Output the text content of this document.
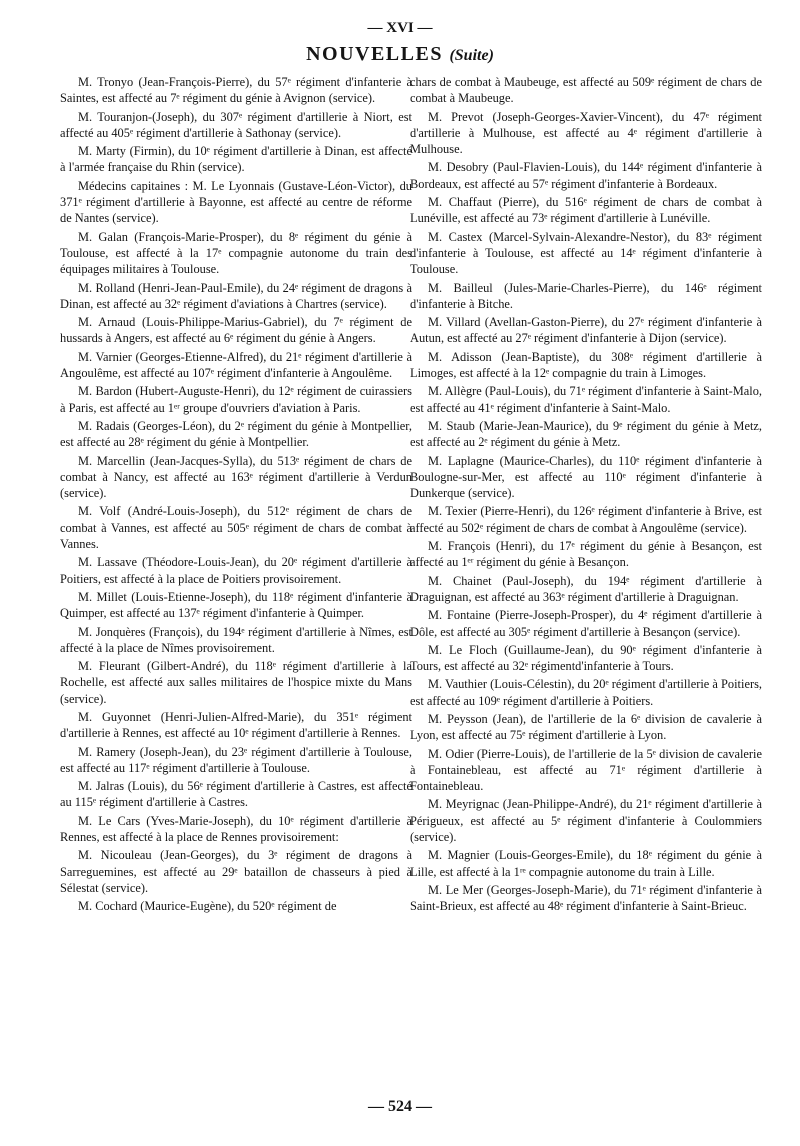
— XVI —
NOUVELLES (Suite)

M. Tronyo (Jean-François-Pierre), du 57ᵉ régiment d'infanterie à Saintes, est affecté au 7ᵉ régiment du génie à Avignon (service).

M. Touranjon-(Joseph), du 307ᵉ régiment d'artillerie à Niort, est affecté au 405ᵉ régiment d'artillerie à Sathonay (service).

M. Marty (Firmin), du 10ᵉ régiment d'artillerie à Dinan, est affecté à l'armée française du Rhin (service).

Médecins capitaines : M. Le Lyonnais (Gustave-Léon-Victor), du 371ᵉ régiment d'artillerie à Bayonne, est affecté au centre de réforme de Nantes (service).

M. Galan (François-Marie-Prosper), du 8ᵉ régiment du génie à Toulouse, est affecté à la 17ᵉ compagnie autonome du train des équipages militaires à Toulouse.

M. Rolland (Henri-Jean-Paul-Emile), du 24ᵉ régiment de dragons à Dinan, est affecté au 32ᵉ régiment d'aviations à Chartres (service).

M. Arnaud (Louis-Philippe-Marius-Gabriel), du 7ᵉ régiment de hussards à Angers, est affecté au 6ᵉ régiment du génie à Angers.

M. Varnier (Georges-Etienne-Alfred), du 21ᵉ régiment d'artillerie à Angoulême, est affecté au 107ᵉ régiment d'infanterie à Angoulême.

M. Bardon (Hubert-Auguste-Henri), du 12ᵉ régiment de cuirassiers à Paris, est affecté au 1ᵉʳ groupe d'ouvriers d'aviation à Paris.

M. Radais (Georges-Léon), du 2ᵉ régiment du génie à Montpellier, est affecté au 28ᵉ régiment du génie à Montpellier.

M. Marcellin (Jean-Jacques-Sylla), du 513ᵉ régiment de chars de combat à Nancy, est affecté au 163ᵉ régiment d'artillerie à Verdun (service).

M. Volf (André-Louis-Joseph), du 512ᵉ régiment de chars de combat à Vannes, est affecté au 505ᵉ régiment de chars de combat à Vannes.

M. Lassave (Théodore-Louis-Jean), du 20ᵉ régiment d'artillerie à Poitiers, est affecté à la place de Poitiers provisoirement.

M. Millet (Louis-Etienne-Joseph), du 118ᵉ régiment d'infanterie à Quimper, est affecté au 137ᵉ régiment d'infanterie à Quimper.

M. Jonquères (François), du 194ᵉ régiment d'artillerie à Nîmes, est affecté à la place de Nîmes provisoirement.

M. Fleurant (Gilbert-André), du 118ᵉ régiment d'artillerie à la Rochelle, est affecté aux salles militaires de l'hospice mixte du Mans (service).

M. Guyonnet (Henri-Julien-Alfred-Marie), du 351ᵉ régiment d'artillerie à Rennes, est affecté au 10ᵉ régiment d'artillerie à Rennes.

M. Ramery (Joseph-Jean), du 23ᵉ régiment d'artillerie à Toulouse, est affecté au 117ᵉ régiment d'artillerie à Toulouse.

M. Jalras (Louis), du 56ᵉ régiment d'artillerie à Castres, est affecté au 115ᵉ régiment d'artillerie à Castres.

M. Le Cars (Yves-Marie-Joseph), du 10ᵉ régiment d'artillerie à Rennes, est affecté à la place de Rennes provisoirement:

M. Nicouleau (Jean-Georges), du 3ᵉ régiment de dragons à Sarreguemines, est affecté au 29ᵉ bataillon de chasseurs à pied à Sélestat (service).

M. Cochard (Maurice-Eugène), du 520ᵉ régiment de

chars de combat à Maubeuge, est affecté au 509ᵉ régiment de chars de combat à Maubeuge.

M. Prevot (Joseph-Georges-Xavier-Vincent), du 47ᵉ régiment d'artillerie à Mulhouse, est affecté au 4ᵉ régiment d'artillerie à Mulhouse.

M. Desobry (Paul-Flavien-Louis), du 144ᵉ régiment d'infanterie à Bordeaux, est affecté au 57ᵉ régiment d'infanterie à Bordeaux.

M. Chaffaut (Pierre), du 516ᵉ régiment de chars de combat à Lunéville, est affecté au 73ᵉ régiment d'artillerie à Lunéville.

M. Castex (Marcel-Sylvain-Alexandre-Nestor), du 83ᵉ régiment d'infanterie à Toulouse, est affecté au 14ᵉ régiment d'infanterie à Toulouse.

M. Bailleul (Jules-Marie-Charles-Pierre), du 146ᵉ régiment d'infanterie à Bitche.

M. Villard (Avellan-Gaston-Pierre), du 27ᵉ régiment d'infanterie à Autun, est affecté au 27ᵉ régiment d'infanterie à Dijon (service).

M. Adisson (Jean-Baptiste), du 308ᵉ régiment d'artillerie à Limoges, est affecté à la 12ᵉ compagnie du train à Limoges.

M. Allègre (Paul-Louis), du 71ᵉ régiment d'infanterie à Saint-Malo, est affecté au 41ᵉ régiment d'infanterie à Saint-Malo.

M. Staub (Marie-Jean-Maurice), du 9ᵉ régiment du génie à Metz, est affecté au 2ᵉ régiment du génie à Metz.

M. Laplagne (Maurice-Charles), du 110ᵉ régiment d'infanterie à Boulogne-sur-Mer, est affecté au 110ᵉ régiment d'infanterie à Dunkerque (service).

M. Texier (Pierre-Henri), du 126ᵉ régiment d'infanterie à Brive, est affecté au 502ᵉ régiment de chars de combat à Angoulême (service).

M. François (Henri), du 17ᵉ régiment du génie à Besançon, est affecté au 1ᵉʳ régiment du génie à Besançon.

M. Chainet (Paul-Joseph), du 194ᵉ régiment d'artillerie à Draguignan, est affecté au 363ᵉ régiment d'artillerie à Draguignan.

M. Fontaine (Pierre-Joseph-Prosper), du 4ᵉ régiment d'artillerie à Dôle, est affecté au 305ᵉ régiment d'artillerie à Besançon (service).

M. Le Floch (Guillaume-Jean), du 90ᵉ régiment d'infanterie à Tours, est affecté au 32ᵉ régimentd'infanterie à Tours.

M. Vauthier (Louis-Célestin), du 20ᵉ régiment d'artillerie à Poitiers, est affecté au 109ᵉ régiment d'artillerie à Poitiers.

M. Peysson (Jean), de l'artillerie de la 6ᵉ division de cavalerie à Lyon, est affecté au 75ᵉ régiment d'artillerie à Lyon.

M. Odier (Pierre-Louis), de l'artillerie de la 5ᵉ division de cavalerie à Fontainebleau, est affecté au 71ᵉ régiment d'artillerie à Fontainebleau.

M. Meyrignac (Jean-Philippe-André), du 21ᵉ régiment d'artillerie à Périgueux, est affecté au 5ᵉ régiment d'infanterie à Coulommiers (service).

M. Magnier (Louis-Georges-Emile), du 18ᵉ régiment du génie à Lille, est affecté à la 1ʳᵉ compagnie autonome du train à Lille.

M. Le Mer (Georges-Joseph-Marie), du 71ᵉ régiment d'infanterie à Saint-Brieux, est affecté au 48ᵉ régiment d'infanterie à Saint-Brieuc.

— 524 —
